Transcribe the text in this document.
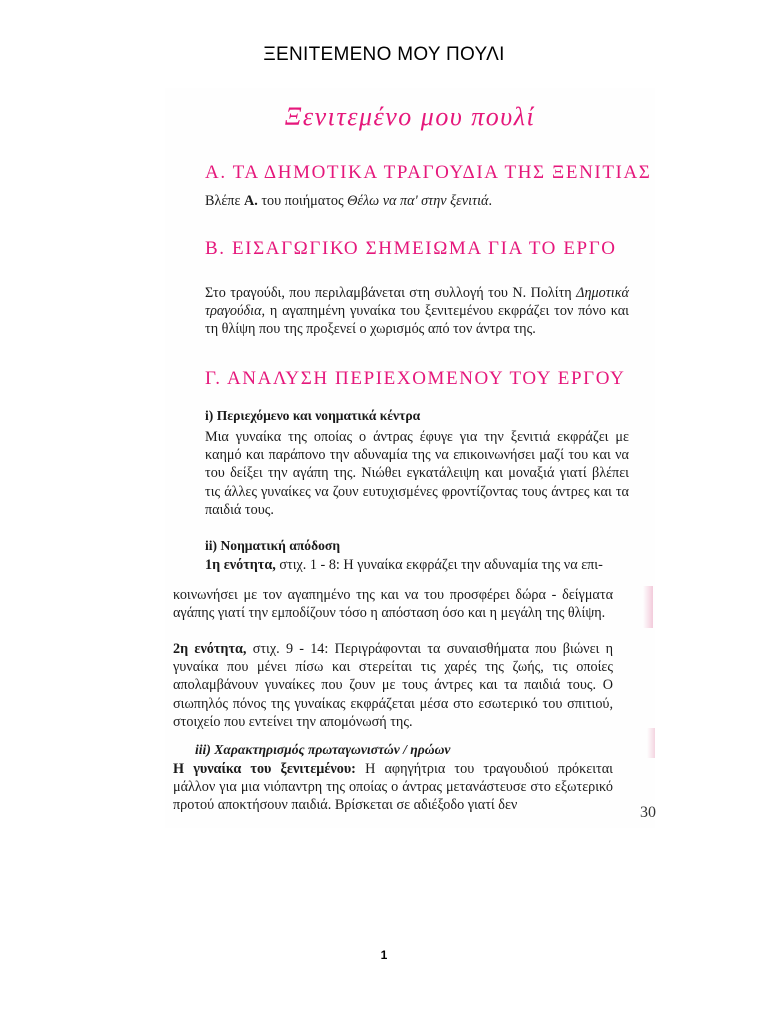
ΞΕΝΙΤΕΜΕΝΟ ΜΟΥ ΠΟΥΛΙ
Ξενιτεμένο μου πουλί
Α. ΤΑ ΔΗΜΟΤΙΚΑ ΤΡΑΓΟΥΔΙΑ ΤΗΣ ΞΕΝΙΤΙΑΣ
Βλέπε Α. του ποιήματος Θέλω να πα' στην ξενιτιά.
Β. ΕΙΣΑΓΩΓΙΚΟ ΣΗΜΕΙΩΜΑ ΓΙΑ ΤΟ ΕΡΓΟ
Στο τραγούδι, που περιλαμβάνεται στη συλλογή του Ν. Πολίτη Δημοτικά τραγούδια, η αγαπημένη γυναίκα του ξενιτεμένου εκφράζει τον πόνο και τη θλίψη που της προξενεί ο χωρισμός από τον άντρα της.
Γ. ΑΝΑΛΥΣΗ ΠΕΡΙΕΧΟΜΕΝΟΥ ΤΟΥ ΕΡΓΟΥ
i) Περιεχόμενο και νοηματικά κέντρα
Μια γυναίκα της οποίας ο άντρας έφυγε για την ξενιτιά εκφράζει με καημό και παράπονο την αδυναμία της να επικοινωνήσει μαζί του και να του δείξει την αγάπη της. Νιώθει εγκατάλειψη και μοναξιά γιατί βλέπει τις άλλες γυναίκες να ζουν ευτυχισμένες φροντίζοντας τους άντρες και τα παιδιά τους.
ii) Νοηματική απόδοση
1η ενότητα, στιχ. 1 - 8: Η γυναίκα εκφράζει την αδυναμία της να επι-
κοινωνήσει με τον αγαπημένο της και να του προσφέρει δώρα - δείγματα αγάπης γιατί την εμποδίζουν τόσο η απόσταση όσο και η μεγάλη της θλίψη.
2η ενότητα, στιχ. 9 - 14: Περιγράφονται τα συναισθήματα που βιώνει η γυναίκα που μένει πίσω και στερείται τις χαρές της ζωής, τις οποίες απολαμβάνουν γυναίκες που ζουν με τους άντρες και τα παιδιά τους. Ο σιωπηλός πόνος της γυναίκας εκφράζεται μέσα στο εσωτερικό του σπιτιού, στοιχείο που εντείνει την απομόνωσή της.
iii) Χαρακτηρισμός πρωταγωνιστών / ηρώων
Η γυναίκα του ξενιτεμένου: Η αφηγήτρια του τραγουδιού πρόκειται μάλλον για μια νιόπαντρη της οποίας ο άντρας μετανάστευσε στο εξωτερικό προτού αποκτήσουν παιδιά. Βρίσκεται σε αδιέξοδο γιατί δεν	30
1
